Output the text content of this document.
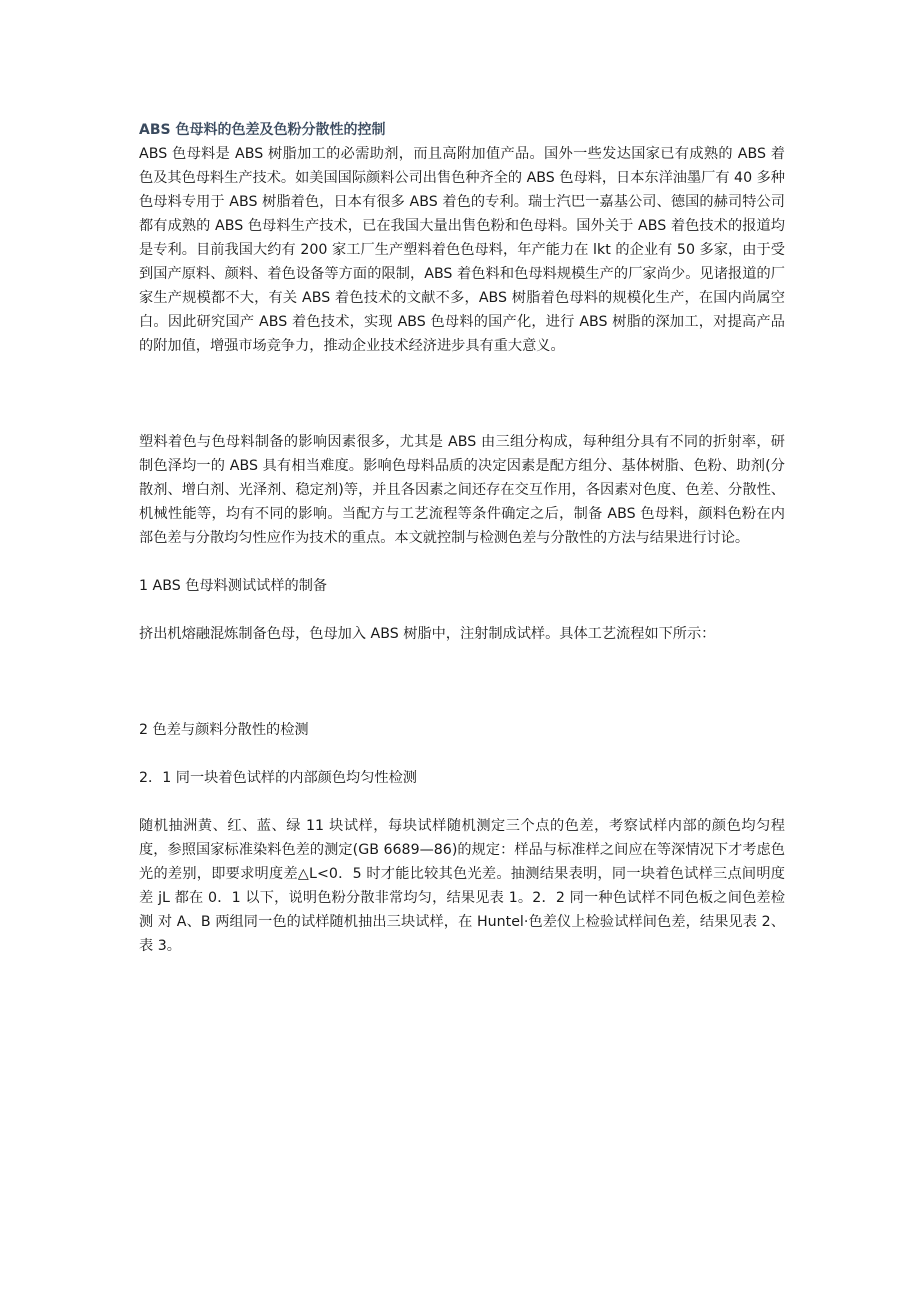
ABS 色母料的色差及色粉分散性的控制

ABS 色母料是 ABS 树脂加工的必需助剂，而且高附加值产品。国外一些发达国家已有成熟的 ABS 着色及其色母料生产技术。如美国国际颜料公司出售色种齐全的 ABS 色母料，日本东洋油墨厂有 40 多种色母料专用于 ABS 树脂着色，日本有很多 ABS 着色的专利。瑞士汽巴一嘉基公司、德国的赫司特公司都有成熟的 ABS 色母料生产技术，已在我国大量出售色粉和色母料。国外关于 ABS 着色技术的报道均是专利。目前我国大约有 200 家工厂生产塑料着色色母料，年产能力在 lkt 的企业有 50 多家，由于受到国产原料、颜料、着色设备等方面的限制，ABS 着色料和色母料规模生产的厂家尚少。见诸报道的厂家生产规模都不大，有关 ABS 着色技术的文献不多，ABS 树脂着色母料的规模化生产，在国内尚属空白。因此研究国产 ABS 着色技术，实现 ABS 色母料的国产化，进行 ABS 树脂的深加工，对提高产品的附加值，增强市场竞争力，推动企业技术经济进步具有重大意义。

塑料着色与色母料制备的影响因素很多，尤其是 ABS 由三组分构成，每种组分具有不同的折射率，研制色泽均一的 ABS 具有相当难度。影响色母料品质的决定因素是配方组分、基体树脂、色粉、助剂(分散剂、增白剂、光泽剂、稳定剂)等，并且各因素之间还存在交互作用，各因素对色度、色差、分散性、机械性能等，均有不同的影响。当配方与工艺流程等条件确定之后，制备 ABS 色母料，颜料色粉在内部色差与分散均匀性应作为技术的重点。本文就控制与检测色差与分散性的方法与结果进行讨论。

1 ABS 色母料测试试样的制备

挤出机熔融混炼制备色母，色母加入 ABS 树脂中，注射制成试样。具体工艺流程如下所示：

2 色差与颜料分散性的检测

2．1 同一块着色试样的内部颜色均匀性检测

随机抽洲黄、红、蓝、绿 11 块试样，每块试样随机测定三个点的色差，考察试样内部的颜色均匀程度，参照国家标准染料色差的测定(GB 6689—86)的规定：样品与标准样之间应在等深情况下才考虑色光的差别，即要求明度差△L<0．5 时才能比较其色光差。抽测结果表明，同一块着色试样三点间明度差 jL 都在 0．1 以下，说明色粉分散非常均匀，结果见表 1。2．2 同一种色试样不同色板之间色差检测 对 A、B 两组同一色的试样随机抽出三块试样，在 Huntel·色差仪上检验试样间色差，结果见表 2、表 3。
